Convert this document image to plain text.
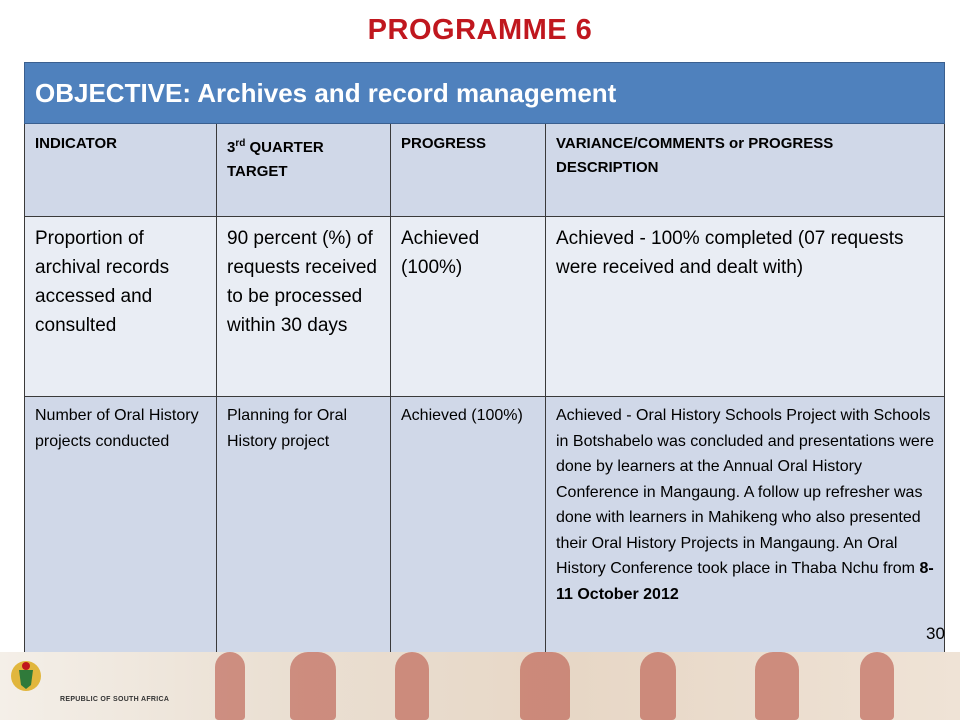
PROGRAMME 6
OBJECTIVE: Archives and record management			
INDICATOR	3rd QUARTER TARGET	PROGRESS	VARIANCE/COMMENTS or PROGRESS DESCRIPTION
Proportion of archival records accessed and consulted	90 percent (%) of requests received to be processed within 30 days	Achieved (100%)	Achieved - 100% completed (07 requests were received and dealt with)
Number of Oral History projects conducted	Planning for Oral History project	Achieved (100%)	Achieved - Oral History Schools Project with Schools in Botshabelo was concluded and presentations were done by learners at the Annual Oral History Conference in Mangaung. A follow up refresher was done with learners in Mahikeng who also presented their Oral History Projects in Mangaung. An Oral History Conference took place in Thaba Nchu from 8-11 October 2012
REPUBLIC OF SOUTH AFRICA
30
